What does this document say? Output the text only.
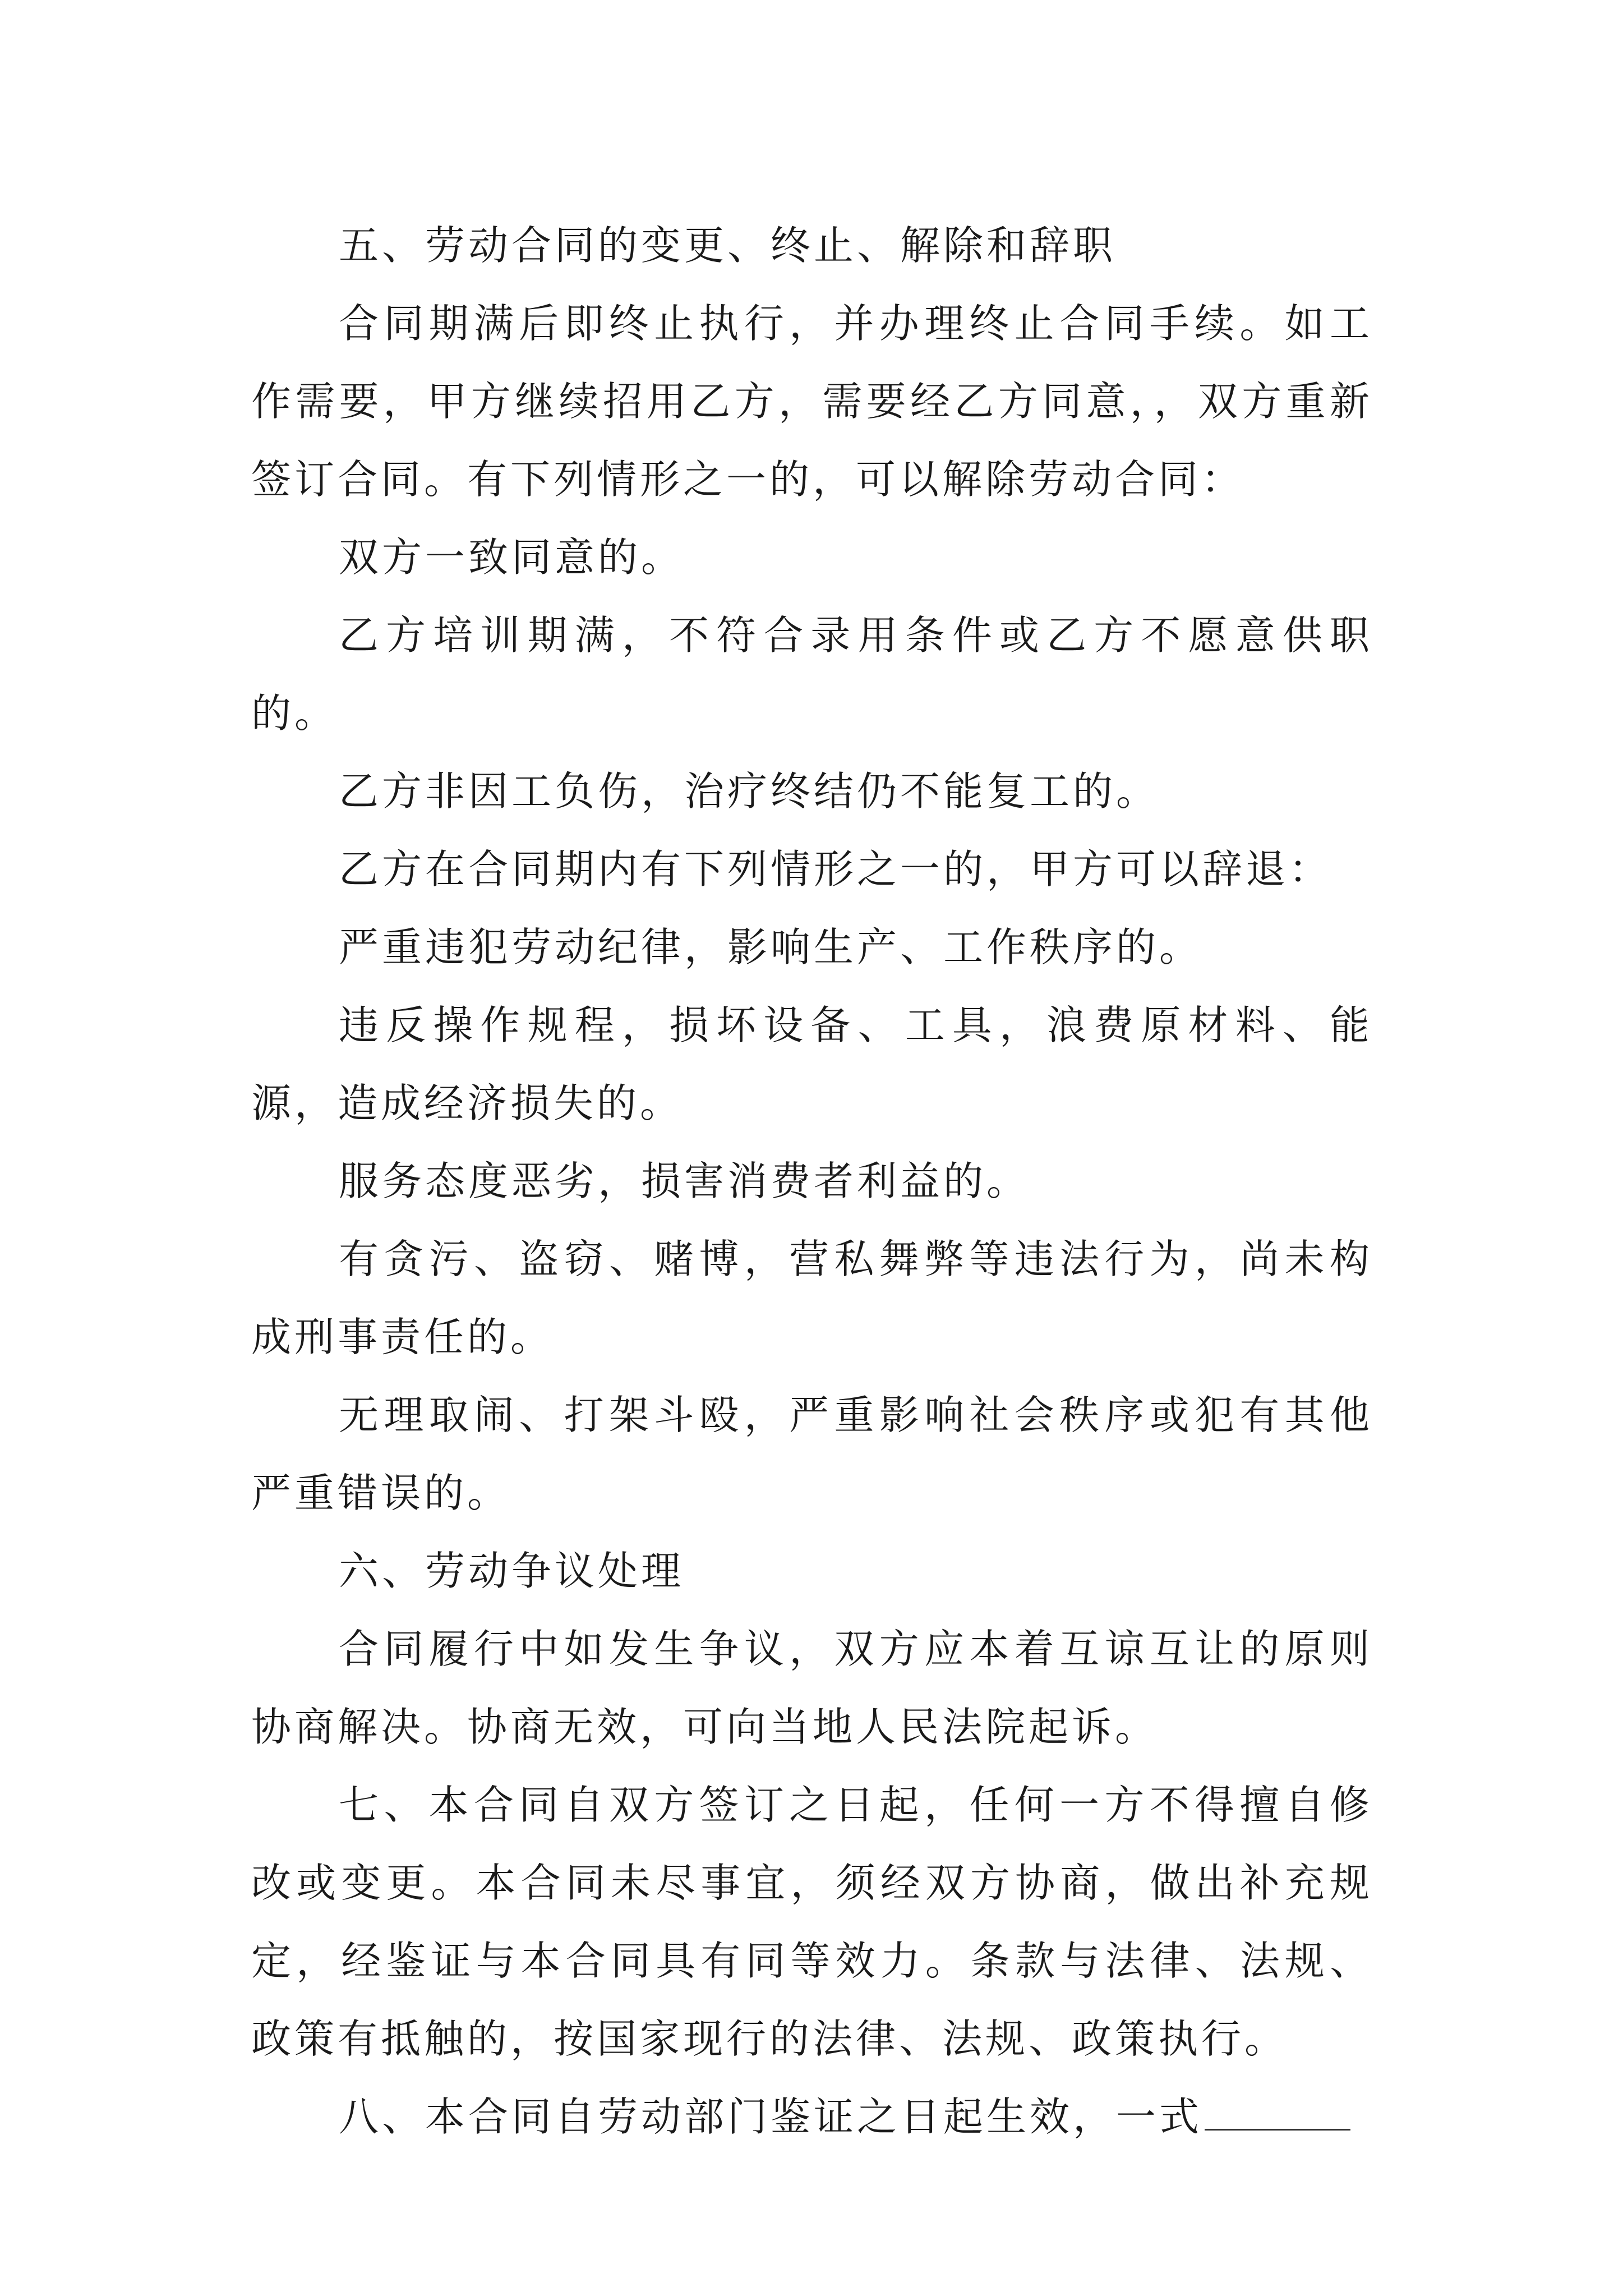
五、劳动合同的变更、终止、解除和辞职

合同期满后即终止执行，并办理终止合同手续。如工作需要，甲方继续招用乙方，需要经乙方同意，，双方重新签订合同。有下列情形之一的，可以解除劳动合同：

双方一致同意的。

乙方培训期满，不符合录用条件或乙方不愿意供职的。

乙方非因工负伤，治疗终结仍不能复工的。

乙方在合同期内有下列情形之一的，甲方可以辞退：

严重违犯劳动纪律，影响生产、工作秩序的。

违反操作规程，损坏设备、工具，浪费原材料、能源，造成经济损失的。

服务态度恶劣，损害消费者利益的。

有贪污、盗窃、赌博，营私舞弊等违法行为，尚未构成刑事责任的。

无理取闹、打架斗殴，严重影响社会秩序或犯有其他严重错误的。

六、劳动争议处理

合同履行中如发生争议，双方应本着互谅互让的原则协商解决。协商无效，可向当地人民法院起诉。

七、本合同自双方签订之日起，任何一方不得擅自修改或变更。本合同未尽事宜，须经双方协商，做出补充规定，经鉴证与本合同具有同等效力。条款与法律、法规、政策有抵触的，按国家现行的法律、法规、政策执行。

八、本合同自劳动部门鉴证之日起生效，一式
